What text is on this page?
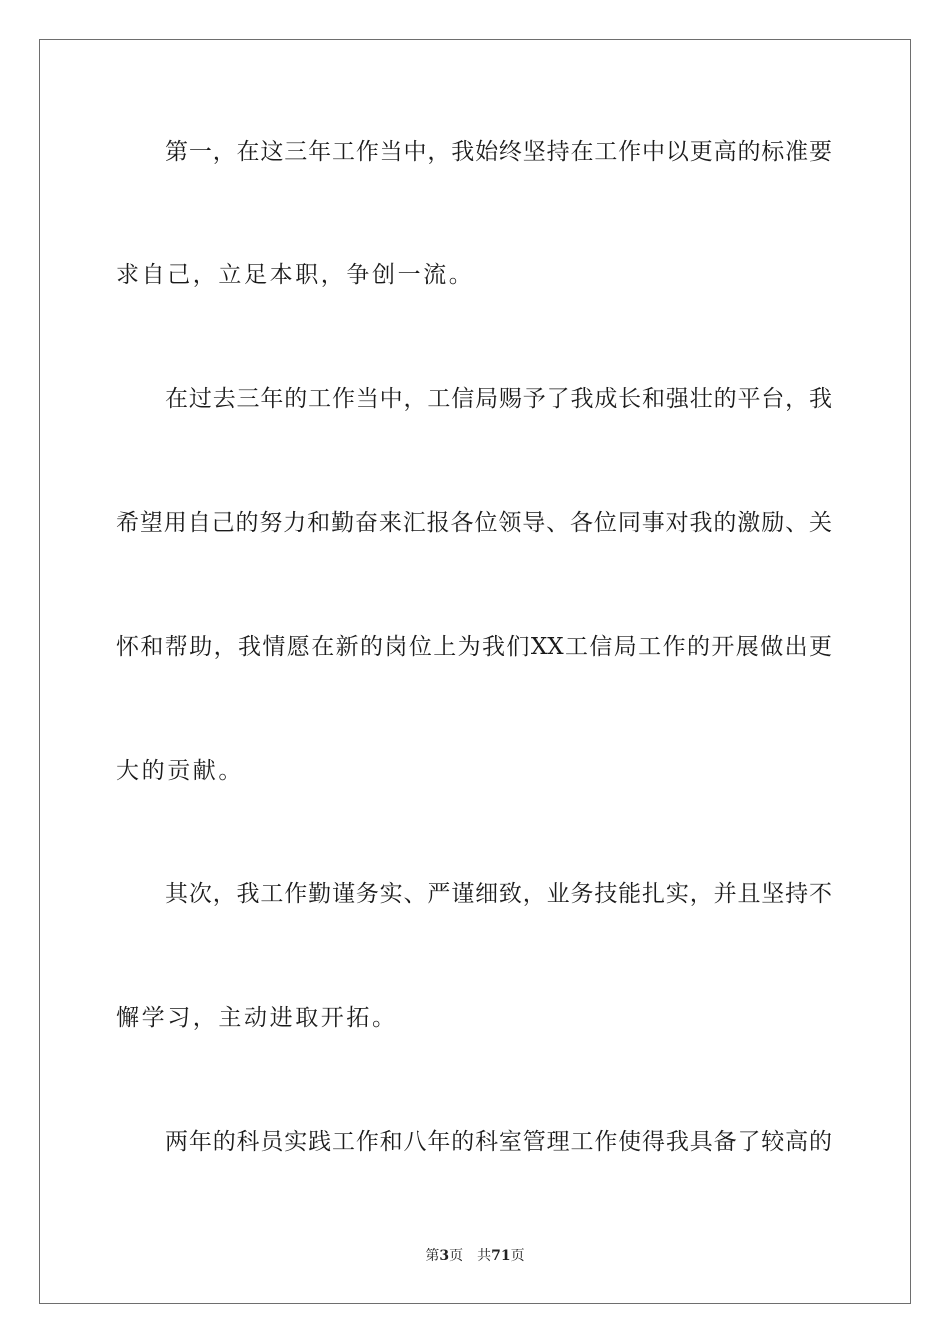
第一，在这三年工作当中，我始终坚持在工作中以更高的标准要
求自己，立足本职，争创一流。
在过去三年的工作当中，工信局赐予了我成长和强壮的平台，我
希望用自己的努力和勤奋来汇报各位领导、各位同事对我的激励、关
怀和帮助，我情愿在新的岗位上为我们XX工信局工作的开展做出更
大的贡献。
其次，我工作勤谨务实、严谨细致，业务技能扎实，并且坚持不
懈学习，主动进取开拓。
两年的科员实践工作和八年的科室管理工作使得我具备了较高的
第3页 共71页
